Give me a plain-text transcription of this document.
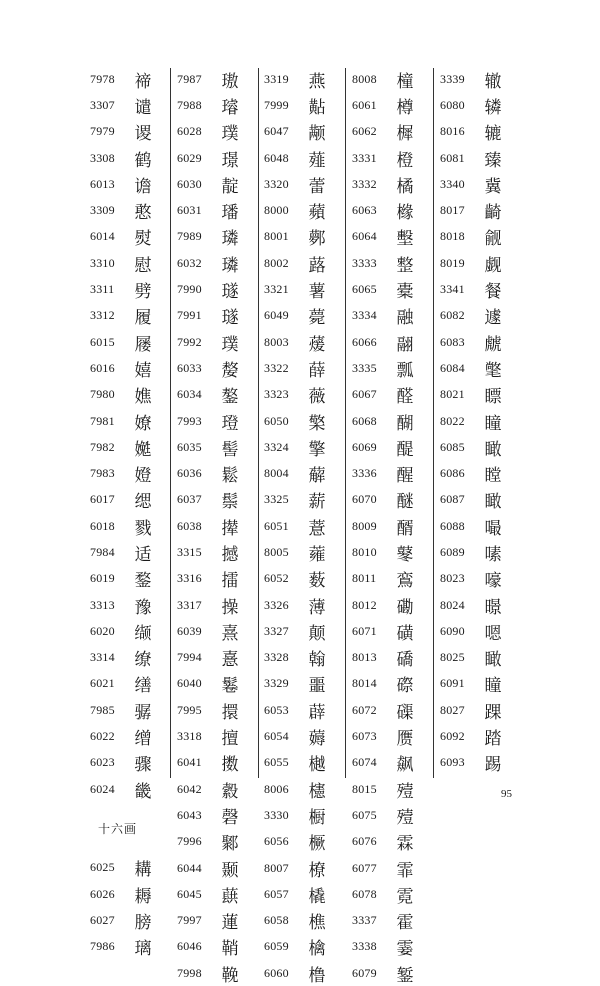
7978	禘
3307	谴
7979	谡
3308	鹤
6013	谵
3309	憨
6014	熨
3310	慰
3311	劈
3312	履
6015	屦
6016	嬉
7980	嫶
7981	嫽
7982	嬔
7983	嬁
6017	缌
6018	戮
7984	适
6019	鍪
3313	豫
6020	缬
3314	缭
6021	缮
7985	骣
6022	缯
6023	骤
6024	畿
十六画
6025	耩
6026	耨
6027	膀
7986	璃
7987	璈
7988	璿
6028	璞
6029	璟
6030	靛
6031	璠
7989	璘
6032	璘
7990	璲
7991	璲
7992	璞
6033	嫠
6034	鏊
7993	璒
6035	髻
6036	鬆
6037	鬃
6038	撵
3315	撼
3316	擂
3317	操
6039	熹
7994	憙
6040	鬈
7995	擐
3318	擅
6041	擞
6042	縠
6043	磬
7996	鄹
6044	颞
6045	蕻
7997	蓮
6046	鞘
7998	鞔
3319	燕
7999	黇
6047	颟
6048	薤
3320	蕾
8000	蘋
8001	鄸
8002	蕗
3321	薯
6049	薨
8003	蕿
3322	薛
3323	薇
6050	檠
3324	擎
8004	薢
3325	薪
6051	薏
8005	蕹
6052	薮
3326	薄
3327	颠
3328	翰
3329	噩
6053	薜
6054	薅
6055	樾
8006	櫶
3330	橱
6056	橛
8007	橑
6057	橇
6058	樵
6059	檎
6060	橹
8008	橦
6061	樽
6062	樨
3331	橙
3332	橘
6063	橼
6064	墼
3333	整
6065	橐
3334	融
6066	翮
3335	瓢
6067	醛
6068	醐
6069	醍
3336	醒
6070	醚
8009	醑
8010	鼕
8011	鵉
8012	磡
6071	磺
8013	礄
8014	磜
6072	磲
6073	赝
6074	飙
8015	殪
6075	殪
6076	霖
6077	霏
6078	霓
3337	霍
3338	霎
6079	錾
3339	辙
6080	辚
8016	辘
6081	臻
3340	冀
8017	齮
8018	觎
8019	觑
3341	餐
6082	遽
6083	虤
6084	氅
8021	瞟
8022	瞳
6085	瞰
6086	瞠
6087	瞰
6088	嘬
6089	嗉
8023	嚎
8024	暻
6090	嗯
8025	瞰
6091	瞳
8027	踝
6092	踏
6093	踢
95
